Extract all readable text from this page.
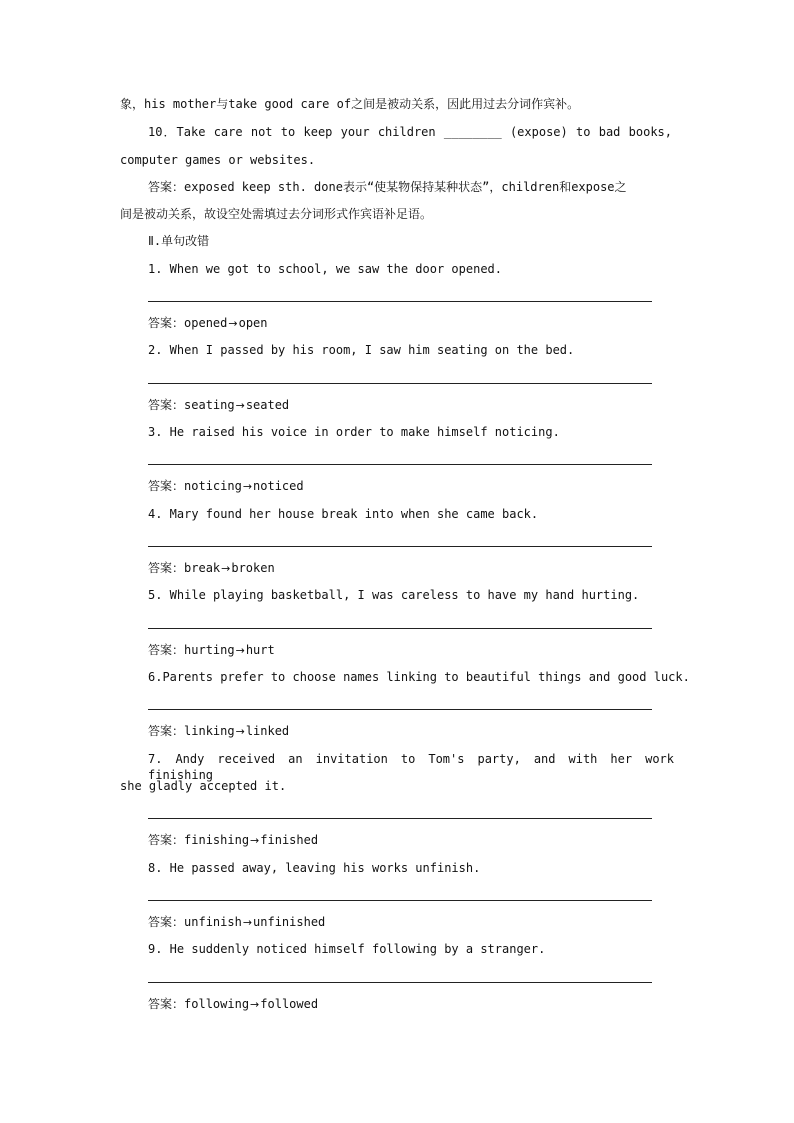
象，his mother与take good care of之间是被动关系，因此用过去分词作宾补。
10．Take care not to keep your children ________ (expose) to bad books,
computer games or websites.
答案：exposed keep sth. done表示“使某物保持某种状态”，children和expose之
间是被动关系，故设空处需填过去分词形式作宾语补足语。
Ⅱ.单句改错
1. When we got to school, we saw the door opened.
答案：opened→open
2. When I passed by his room, I saw him seating on the bed.
答案：seating→seated
3. He raised his voice in order to make himself noticing.
答案：noticing→noticed
4. Mary found her house break into when she came back.
答案：break→broken
5. While playing basketball, I was careless to have my hand hurting.
答案：hurting→hurt
6.Parents prefer to choose names linking to beautiful things and good luck.
答案：linking→linked
7. Andy received an invitation to Tom's party, and with her work finishing
she gladly accepted it.
答案：finishing→finished
8. He passed away, leaving his works unfinish.
答案：unfinish→unfinished
9. He suddenly noticed himself following by a stranger.
答案：following→followed
